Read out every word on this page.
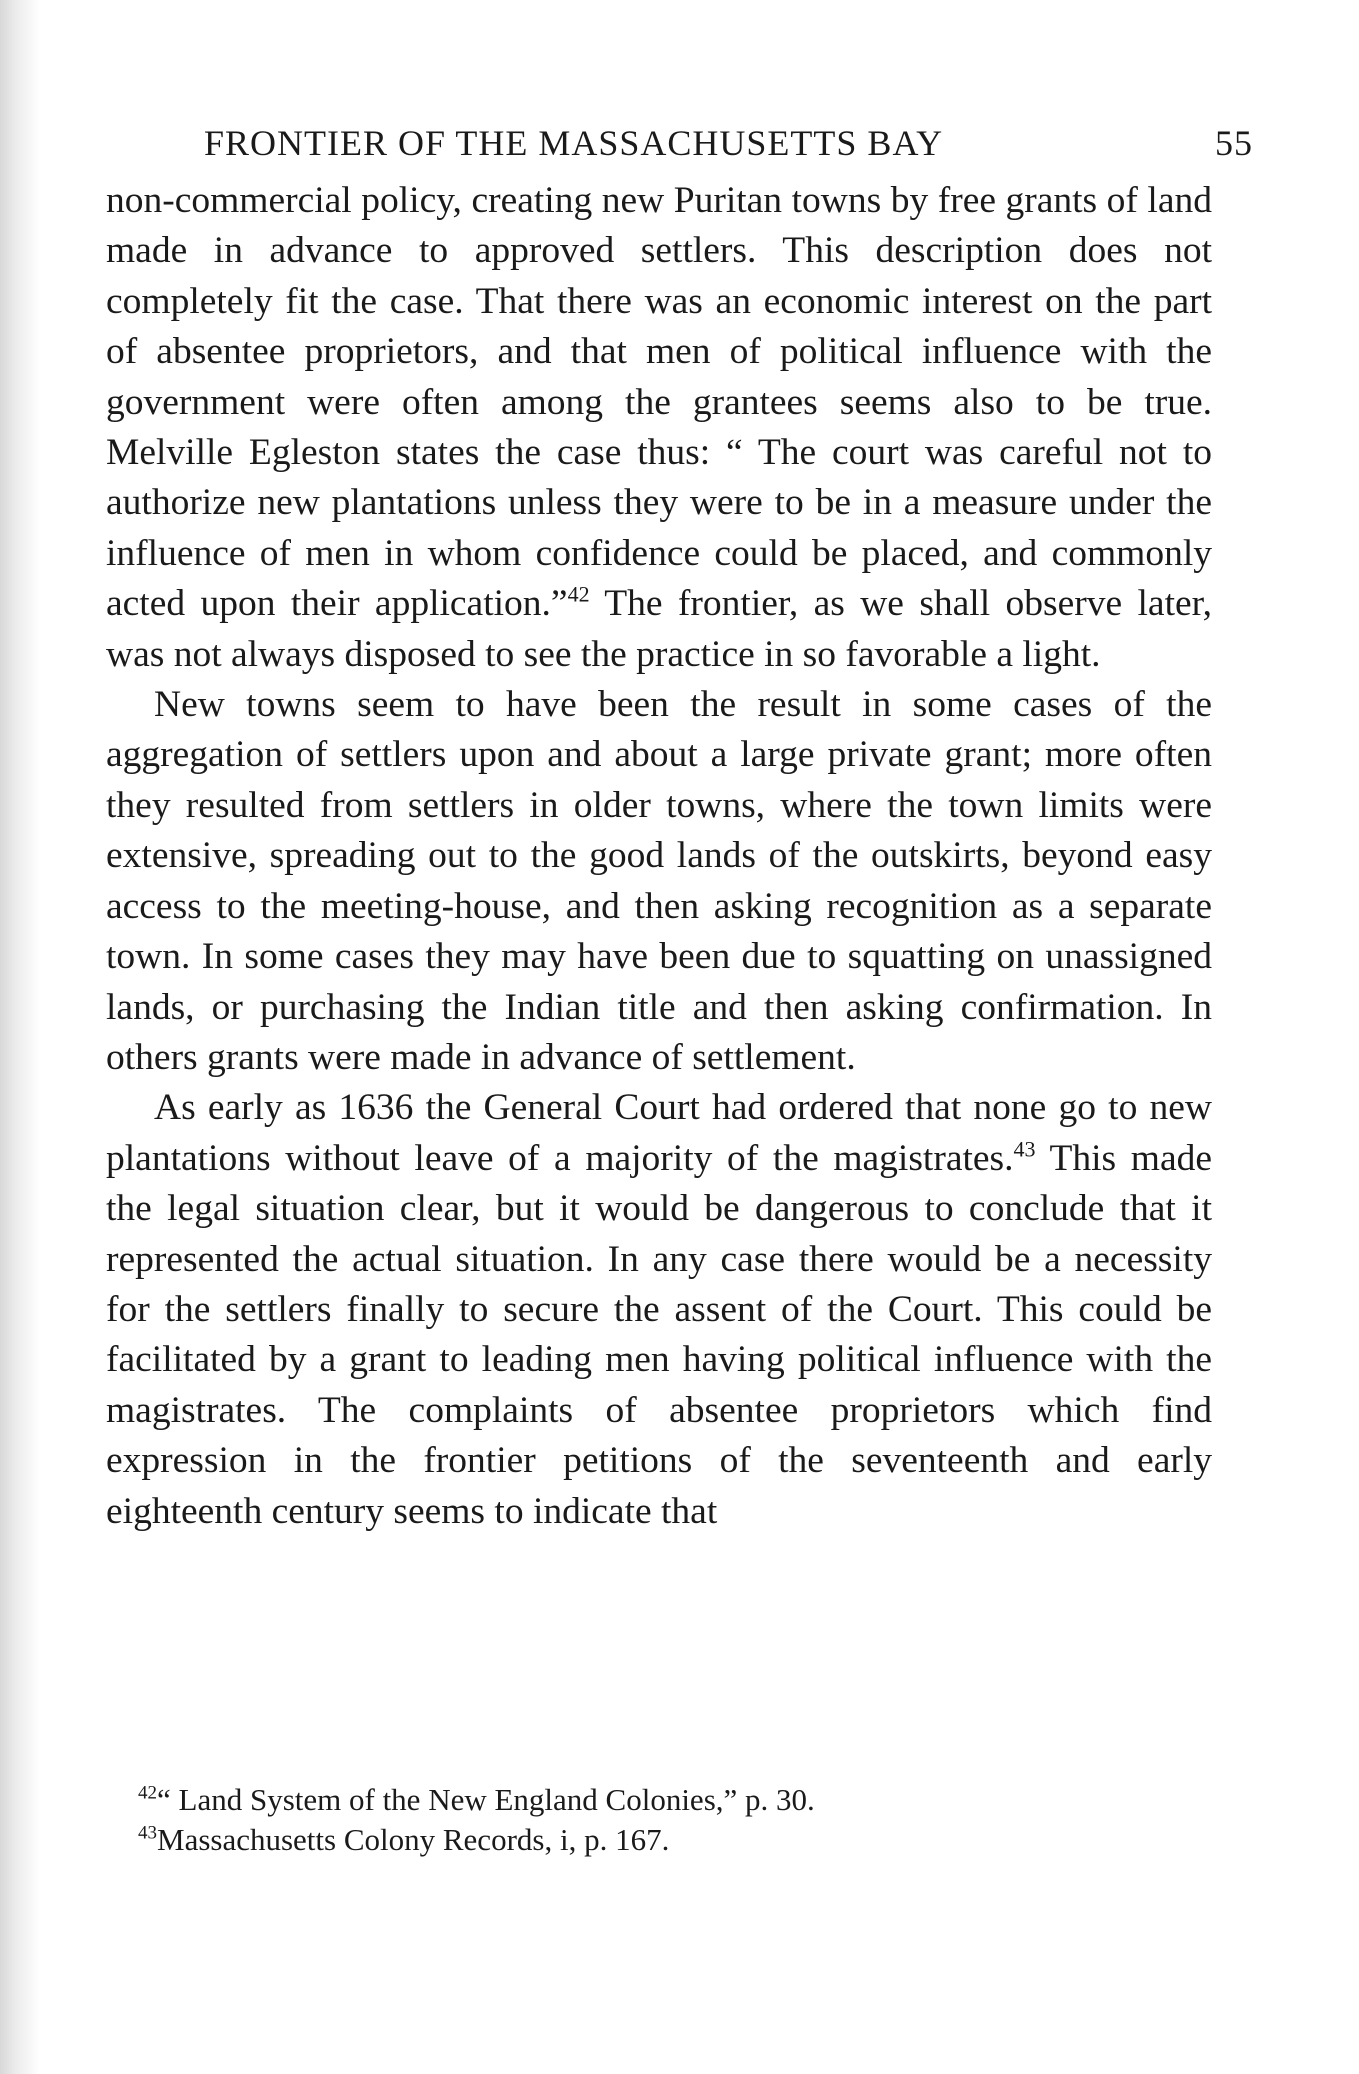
FRONTIER OF THE MASSACHUSETTS BAY	55

non-commercial policy, creating new Puritan towns by free grants of land made in advance to approved settlers. This description does not completely fit the case. That there was an economic interest on the part of absentee proprietors, and that men of political influence with the government were often among the grantees seems also to be true. Melville Egleston states the case thus: “ The court was careful not to authorize new plantations unless they were to be in a measure under the influence of men in whom confidence could be placed, and commonly acted upon their application.”$^{42}$ The frontier, as we shall observe later, was not always disposed to see the practice in so favorable a light.

New towns seem to have been the result in some cases of the aggregation of settlers upon and about a large private grant; more often they resulted from settlers in older towns, where the town limits were extensive, spreading out to the good lands of the outskirts, beyond easy access to the meeting-house, and then asking recognition as a separate town. In some cases they may have been due to squatting on unassigned lands, or purchasing the Indian title and then asking confirmation. In others grants were made in advance of settlement.

As early as 1636 the General Court had ordered that none go to new plantations without leave of a majority of the magistrates.$^{43}$ This made the legal situation clear, but it would be dangerous to conclude that it represented the actual situation. In any case there would be a necessity for the settlers finally to secure the assent of the Court. This could be facilitated by a grant to leading men having political influence with the magistrates. The complaints of absentee proprietors which find expression in the frontier petitions of the seventeenth and early eighteenth century seems to indicate that

$^{42}$“ Land System of the New England Colonies,” p. 30.
$^{43}$Massachusetts Colony Records, i, p. 167.
